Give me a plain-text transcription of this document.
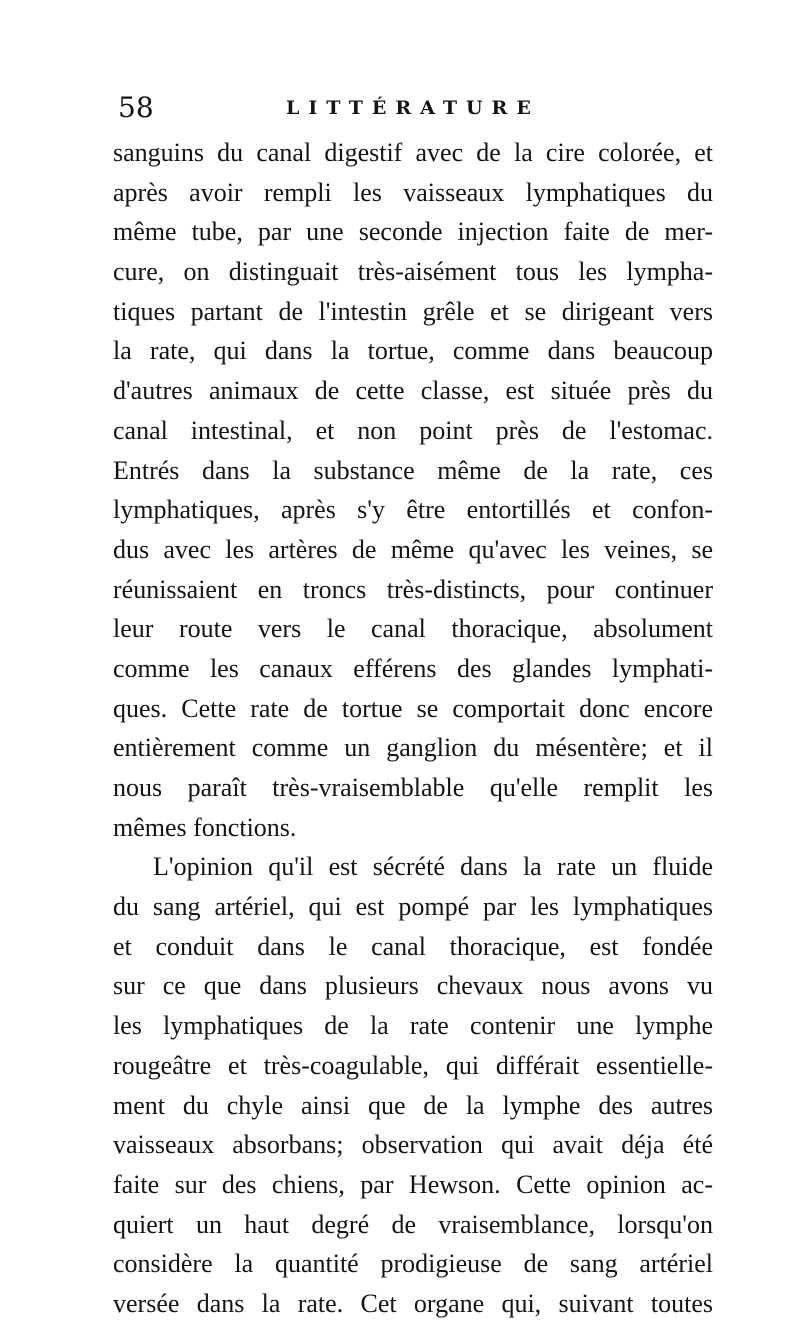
58	LITTÉRATURE
sanguins du canal digestif avec de la cire colorée, et
après avoir rempli les vaisseaux lymphatiques du
même tube, par une seconde injection faite de mer-
cure, on distinguait très-aisément tous les lympha-
tiques partant de l'intestin grêle et se dirigeant vers
la rate, qui dans la tortue, comme dans beaucoup
d'autres animaux de cette classe, est située près du
canal intestinal, et non point près de l'estomac.
Entrés dans la substance même de la rate, ces
lymphatiques, après s'y être entortillés et confon-
dus avec les artères de même qu'avec les veines, se
réunissaient en troncs très-distincts, pour continuer
leur route vers le canal thoracique, absolument
comme les canaux efférens des glandes lymphati-
ques. Cette rate de tortue se comportait donc encore
entièrement comme un ganglion du mésentère; et il
nous paraît très-vraisemblable qu'elle remplit les
mêmes fonctions.
L'opinion qu'il est sécrété dans la rate un fluide
du sang artériel, qui est pompé par les lymphatiques
et conduit dans le canal thoracique, est fondée
sur ce que dans plusieurs chevaux nous avons vu
les lymphatiques de la rate contenir une lymphe
rougeâtre et très-coagulable, qui différait essentielle-
ment du chyle ainsi que de la lymphe des autres
vaisseaux absorbans; observation qui avait déja été
faite sur des chiens, par Hewson. Cette opinion ac-
quiert un haut degré de vraisemblance, lorsqu'on
considère la quantité prodigieuse de sang artériel
versée dans la rate. Cet organe qui, suivant toutes
